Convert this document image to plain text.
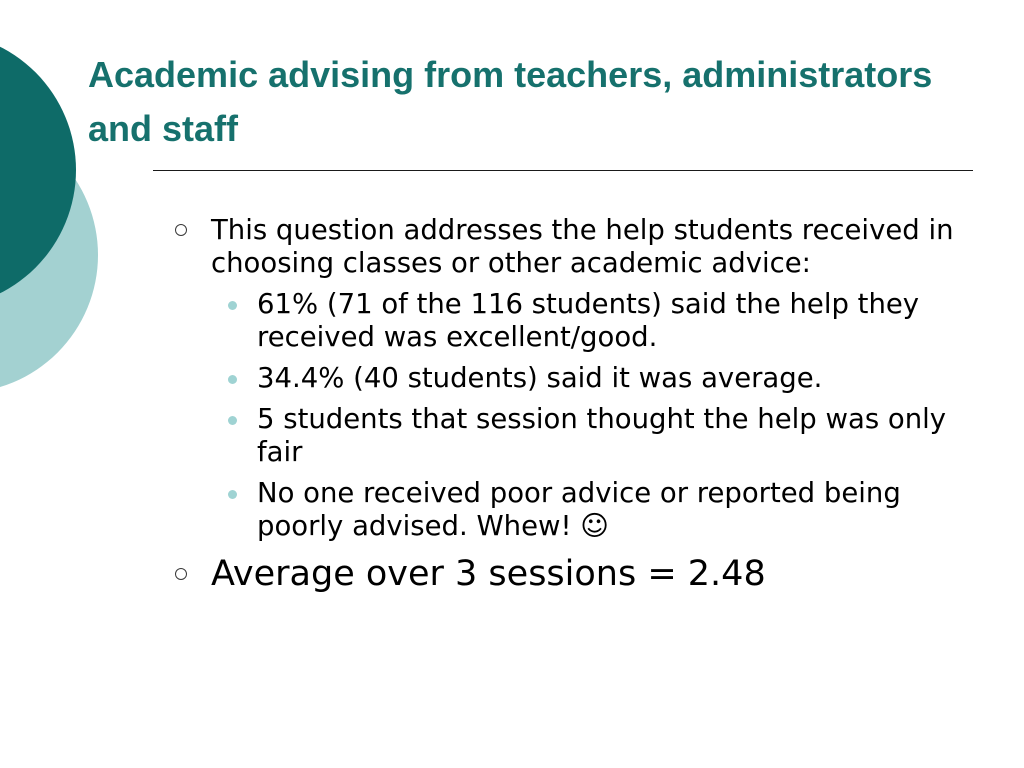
Academic advising from teachers, administrators and staff
This question addresses the help students received in choosing classes or other academic advice:
61% (71 of the 116 students) said the help they received was excellent/good.
34.4% (40 students) said it was average.
5 students that session thought the help was only fair
No one received poor advice or reported being poorly advised. Whew! ☺
Average over 3 sessions = 2.48
